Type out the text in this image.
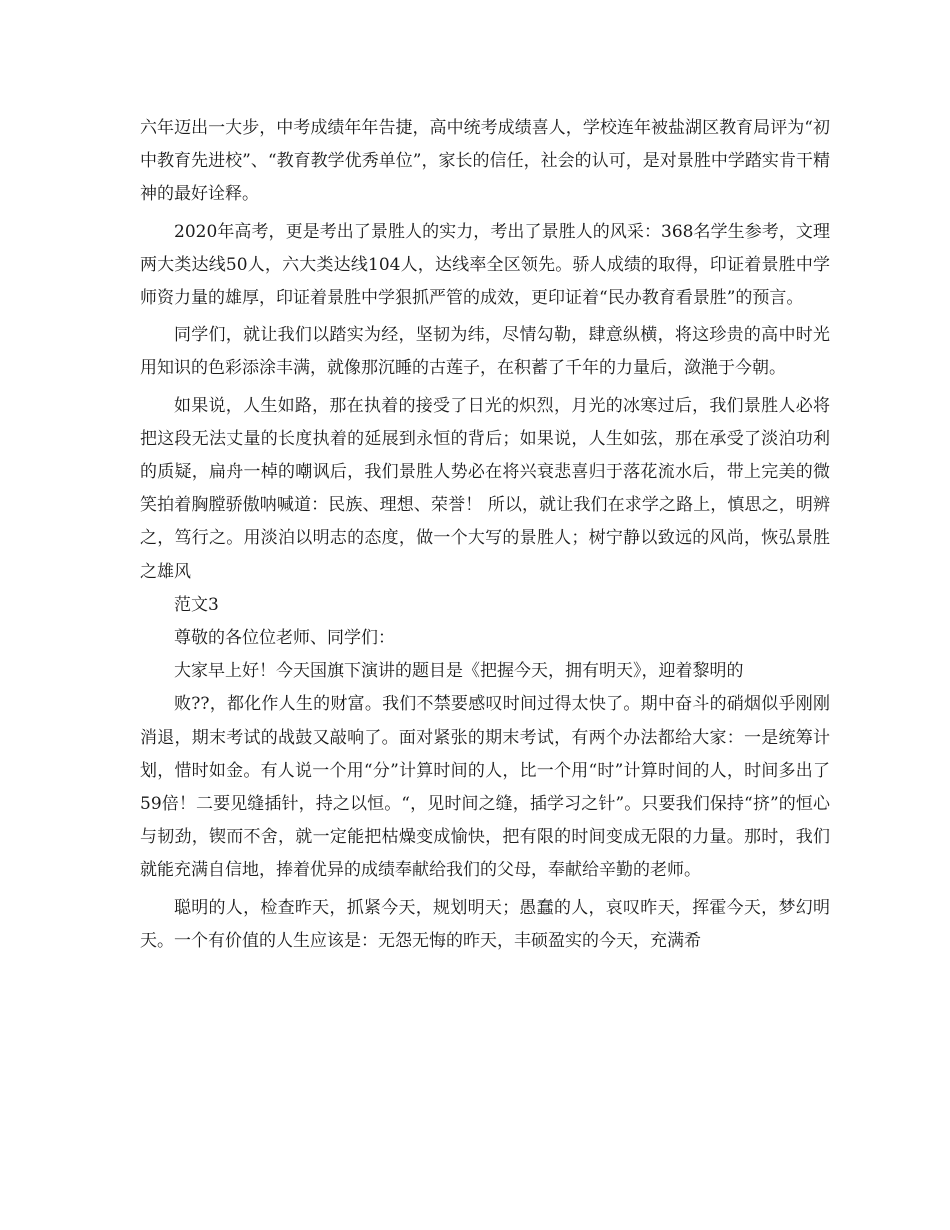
六年迈出一大步，中考成绩年年告捷，高中统考成绩喜人，学校连年被盐湖区教育局评为“初中教育先进校”、“教育教学优秀单位”，家长的信任，社会的认可，是对景胜中学踏实肯干精神的最好诠释。

2020年高考，更是考出了景胜人的实力，考出了景胜人的风采：368名学生参考，文理两大类达线50人，六大类达线104人，达线率全区领先。骄人成绩的取得，印证着景胜中学师资力量的雄厚，印证着景胜中学狠抓严管的成效，更印证着“民办教育看景胜”的预言。

同学们，就让我们以踏实为经，坚韧为纬，尽情勾勒，肆意纵横，将这珍贵的高中时光用知识的色彩添涂丰满，就像那沉睡的古莲子，在积蓄了千年的力量后，潋滟于今朝。

如果说，人生如路，那在执着的接受了日光的炽烈，月光的冰寒过后，我们景胜人必将把这段无法丈量的长度执着的延展到永恒的背后；如果说，人生如弦，那在承受了淡泊功利的质疑，扁舟一棹的嘲讽后，我们景胜人势必在将兴衰悲喜归于落花流水后，带上完美的微笑拍着胸膛骄傲呐喊道：民族、理想、荣誉！ 所以，就让我们在求学之路上，慎思之，明辨之，笃行之。用淡泊以明志的态度，做一个大写的景胜人；树宁静以致远的风尚，恢弘景胜之雄风

范文3

尊敬的各位位老师、同学们：

大家早上好！今天国旗下演讲的题目是《把握今天，拥有明天》，迎着黎明的

败??，都化作人生的财富。我们不禁要感叹时间过得太快了。期中奋斗的硝烟似乎刚刚消退，期末考试的战鼓又敲响了。面对紧张的期末考试，有两个办法都给大家：一是统筹计划，惜时如金。有人说一个用“分”计算时间的人，比一个用“时”计算时间的人，时间多出了59倍！二要见缝插针，持之以恒。“，见时间之缝，插学习之针”。只要我们保持“挤”的恒心与韧劲，锲而不舍，就一定能把枯燥变成愉快，把有限的时间变成无限的力量。那时，我们就能充满自信地，捧着优异的成绩奉献给我们的父母，奉献给辛勤的老师。

聪明的人，检查昨天，抓紧今天，规划明天；愚蠢的人，哀叹昨天，挥霍今天，梦幻明天。一个有价值的人生应该是：无怨无悔的昨天，丰硕盈实的今天，充满希
